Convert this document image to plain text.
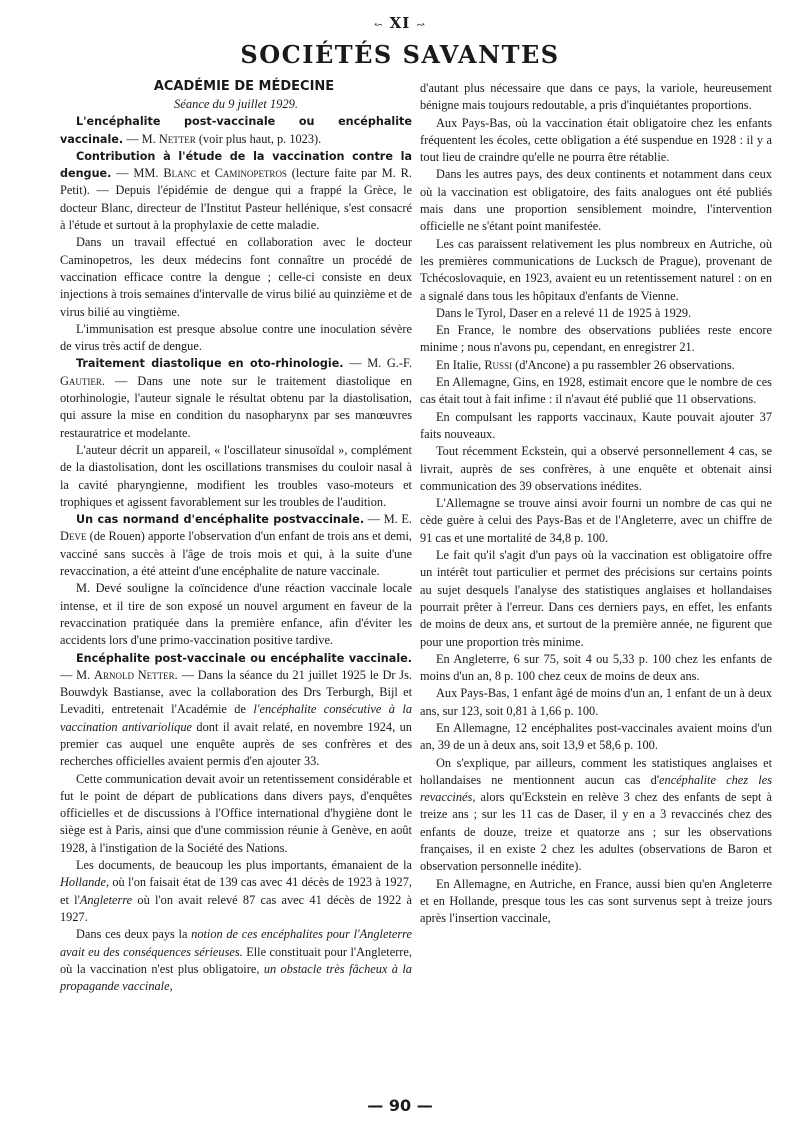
↜ XI ↝
SOCIÉTÉS SAVANTES

ACADÉMIE DE MÉDECINE

Séance du 9 juillet 1929.

L'encéphalite post-vaccinale ou encéphalite vaccinale. — M. Netter (voir plus haut, p. 1023).

Contribution à l'étude de la vaccination contre la dengue. — MM. Blanc et Caminopetros (lecture faite par M. R. Petit). — Depuis l'épidémie de dengue qui a frappé la Grèce, le docteur Blanc, directeur de l'Institut Pasteur hellénique, s'est consacré à l'étude et surtout à la prophylaxie de cette maladie.

Dans un travail effectué en collaboration avec le docteur Caminopetros, les deux médecins font connaître un procédé de vaccination efficace contre la dengue ; celle-ci consiste en deux injections à trois semaines d'intervalle de virus bilié au quinzième et de virus bilié au vingtième.

L'immunisation est presque absolue contre une inoculation sévère de virus très actif de dengue.

Traitement diastolique en oto-rhinologie. — M. G.-F. Gautier. — Dans une note sur le traitement diastolique en otorhinologie, l'auteur signale le résultat obtenu par la diastolisation, qui assure la mise en condition du nasopharynx par ses manœuvres restauratrice et modelante.

L'auteur décrit un appareil, « l'oscillateur sinusoïdal », complément de la diastolisation, dont les oscillations transmises du couloir nasal à la cavité pharyngienne, modifient les troubles vaso-moteurs et trophiques et agissent favorablement sur les troubles de l'audition.

Un cas normand d'encéphalite postvaccinale. — M. E. Deve (de Rouen) apporte l'observation d'un enfant de trois ans et demi, vacciné sans succès à l'âge de trois mois et qui, à la suite d'une revaccination, a été atteint d'une encéphalite de nature vaccinale.

M. Devé souligne la coïncidence d'une réaction vaccinale locale intense, et il tire de son exposé un nouvel argument en faveur de la revaccination pratiquée dans la première enfance, afin d'éviter les accidents lors d'une primo-vaccination positive tardive.

Encéphalite post-vaccinale ou encéphalite vaccinale. — M. Arnold Netter. — Dans la séance du 21 juillet 1925 le Dr Js. Bouwdyk Bastianse, avec la collaboration des Drs Terburgh, Bijl et Levaditi, entretenait l'Académie de l'encéphalite consécutive à la vaccination antivariolique dont il avait relaté, en novembre 1924, un premier cas auquel une enquête auprès de ses confrères et des recherches officielles avaient permis d'en ajouter 33.

Cette communication devait avoir un retentissement considérable et fut le point de départ de publications dans divers pays, d'enquêtes officielles et de discussions à l'Office international d'hygiène dont le siège est à Paris, ainsi que d'une commission réunie à Genève, en août 1928, à l'instigation de la Société des Nations.

Les documents, de beaucoup les plus importants, émanaient de la Hollande, où l'on faisait état de 139 cas avec 41 décès de 1923 à 1927, et l'Angleterre où l'on avait relevé 87 cas avec 41 décès de 1922 à 1927.

Dans ces deux pays la notion de ces encéphalites pour l'Angleterre avait eu des conséquences sérieuses. Elle constituait pour l'Angleterre, où la vaccination n'est plus obligatoire, un obstacle très fâcheux à la propagande vaccinale,

d'autant plus nécessaire que dans ce pays, la variole, heureusement bénigne mais toujours redoutable, a pris d'inquiétantes proportions.

Aux Pays-Bas, où la vaccination était obligatoire chez les enfants fréquentent les écoles, cette obligation a été suspendue en 1928 : il y a tout lieu de craindre qu'elle ne pourra être rétablie.

Dans les autres pays, des deux continents et notamment dans ceux où la vaccination est obligatoire, des faits analogues ont été publiés mais dans une proportion sensiblement moindre, l'intervention officielle ne s'étant point manifestée.

Les cas paraissent relativement les plus nombreux en Autriche, où les premières communications de Lucksch de Prague), provenant de Tchécoslovaquie, en 1923, avaient eu un retentissement naturel : on en a signalé dans tous les hôpitaux d'enfants de Vienne.

Dans le Tyrol, Daser en a relevé 11 de 1925 à 1929.

En France, le nombre des observations publiées reste encore minime ; nous n'avons pu, cependant, en enregistrer 21.

En Italie, Russi (d'Ancone) a pu rassembler 26 observations.

En Allemagne, Gins, en 1928, estimait encore que le nombre de ces cas était tout à fait infime : il n'avaut été publié que 11 observations.

En compulsant les rapports vaccinaux, Kaute pouvait ajouter 37 faits nouveaux.

Tout récemment Eckstein, qui a observé personnellement 4 cas, se livrait, auprès de ses confrères, à une enquête et obtenait ainsi communication des 39 observations inédites.

L'Allemagne se trouve ainsi avoir fourni un nombre de cas qui ne cède guère à celui des Pays-Bas et de l'Angleterre, avec un chiffre de 91 cas et une mortalité de 34,8 p. 100.

Le fait qu'il s'agit d'un pays où la vaccination est obligatoire offre un intérêt tout particulier et permet des précisions sur certains points au sujet desquels l'analyse des statistiques anglaises et hollandaises pourrait prêter à l'erreur. Dans ces derniers pays, en effet, les enfants de moins de deux ans, et surtout de la première année, ne figurent que pour une proportion très minime.

En Angleterre, 6 sur 75, soit 4 ou 5,33 p. 100 chez les enfants de moins d'un an, 8 p. 100 chez ceux de moins de deux ans.

Aux Pays-Bas, 1 enfant âgé de moins d'un an, 1 enfant de un à deux ans, sur 123, soit 0,81 à 1,66 p. 100.

En Allemagne, 12 encéphalites post-vaccinales avaient moins d'un an, 39 de un à deux ans, soit 13,9 et 58,6 p. 100.

On s'explique, par ailleurs, comment les statistiques anglaises et hollandaises ne mentionnent aucun cas d'encéphalite chez les revaccinés, alors qu'Eckstein en relève 3 chez des enfants de sept à treize ans ; sur les 11 cas de Daser, il y en a 3 revaccinés chez des enfants de douze, treize et quatorze ans ; sur les observations françaises, il en existe 2 chez les adultes (observations de Baron et observation personnelle inédite).

En Allemagne, en Autriche, en France, aussi bien qu'en Angleterre et en Hollande, presque tous les cas sont survenus sept à treize jours après l'insertion vaccinale,

— 90 —
